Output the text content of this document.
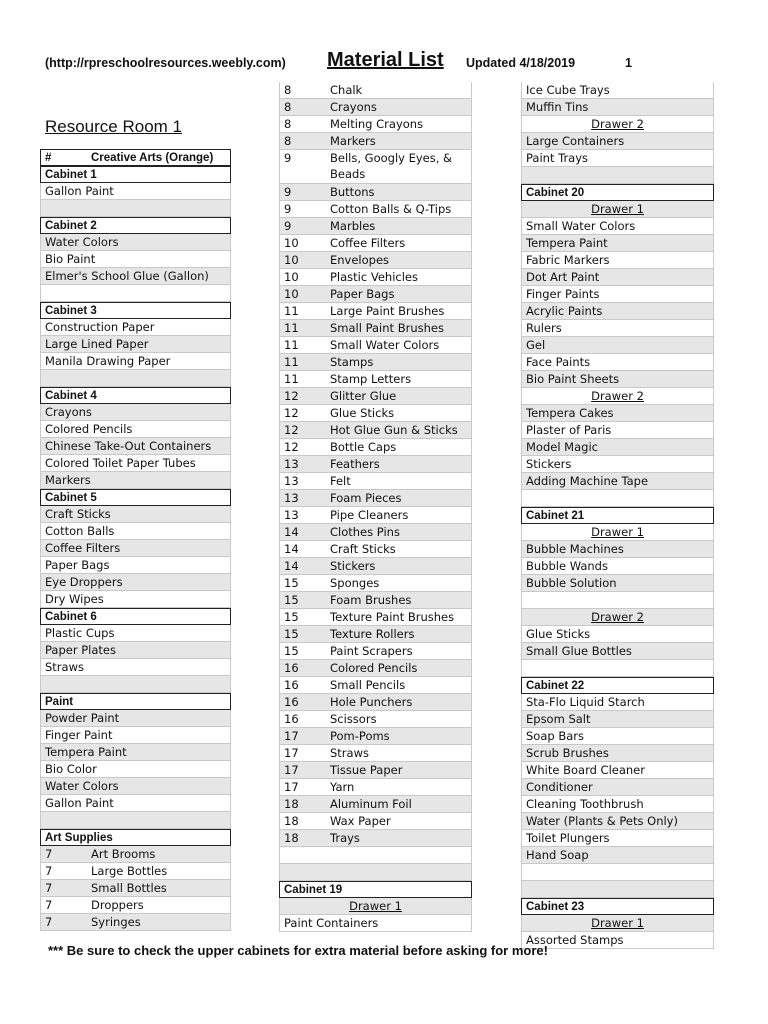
(http://rpreschoolresources.weebly.com) Material List Updated 4/18/2019	1
Resource Room 1
#	Creative Arts (Orange)
Cabinet 1
Gallon Paint
Cabinet 2
Water Colors
Bio Paint
Elmer's School Glue (Gallon)
Cabinet 3
Construction Paper
Large Lined Paper
Manila Drawing Paper
Cabinet 4
Crayons
Colored Pencils
Chinese Take-Out Containers
Colored Toilet Paper Tubes
Markers
Cabinet 5
Craft Sticks
Cotton Balls
Coffee Filters
Paper Bags
Eye Droppers
Dry Wipes
Cabinet 6
Plastic Cups
Paper Plates
Straws
Paint
Powder Paint
Finger Paint
Tempera Paint
Bio Color
Water Colors
Gallon Paint
Art Supplies
7	Art Brooms
7	Large Bottles
7	Small Bottles
7	Droppers
7	Syringes
8	Chalk
8	Crayons
8	Melting Crayons
8	Markers
9	Bells, Googly Eyes, & Beads
9	Buttons
9	Cotton Balls & Q-Tips
9	Marbles
10	Coffee Filters
10	Envelopes
10	Plastic Vehicles
10	Paper Bags
11	Large Paint Brushes
11	Small Paint Brushes
11	Small Water Colors
11	Stamps
11	Stamp Letters
12	Glitter Glue
12	Glue Sticks
12	Hot Glue Gun & Sticks
12	Bottle Caps
13	Feathers
13	Felt
13	Foam Pieces
13	Pipe Cleaners
14	Clothes Pins
14	Craft Sticks
14	Stickers
15	Sponges
15	Foam Brushes
15	Texture Paint Brushes
15	Texture Rollers
15	Paint Scrapers
16	Colored Pencils
16	Small Pencils
16	Hole Punchers
16	Scissors
17	Pom-Poms
17	Straws
17	Tissue Paper
17	Yarn
18	Aluminum Foil
18	Wax Paper
18	Trays
Cabinet 19
Drawer 1
Paint Containers
Ice Cube Trays
Muffin Tins
Drawer 2
Large Containers
Paint Trays
Cabinet 20
Drawer 1
Small Water Colors
Tempera Paint
Fabric Markers
Dot Art Paint
Finger Paints
Acrylic Paints
Rulers
Gel
Face Paints
Bio Paint Sheets
Drawer 2
Tempera Cakes
Plaster of Paris
Model Magic
Stickers
Adding Machine Tape
Cabinet 21
Drawer 1
Bubble Machines
Bubble Wands
Bubble Solution
Drawer 2
Glue Sticks
Small Glue Bottles
Cabinet 22
Sta-Flo Liquid Starch
Epsom Salt
Soap Bars
Scrub Brushes
White Board Cleaner
Conditioner
Cleaning Toothbrush
Water (Plants & Pets Only)
Toilet Plungers
Hand Soap
Cabinet 23
Drawer 1
Assorted Stamps
*** Be sure to check the upper cabinets for extra material before asking for more!
